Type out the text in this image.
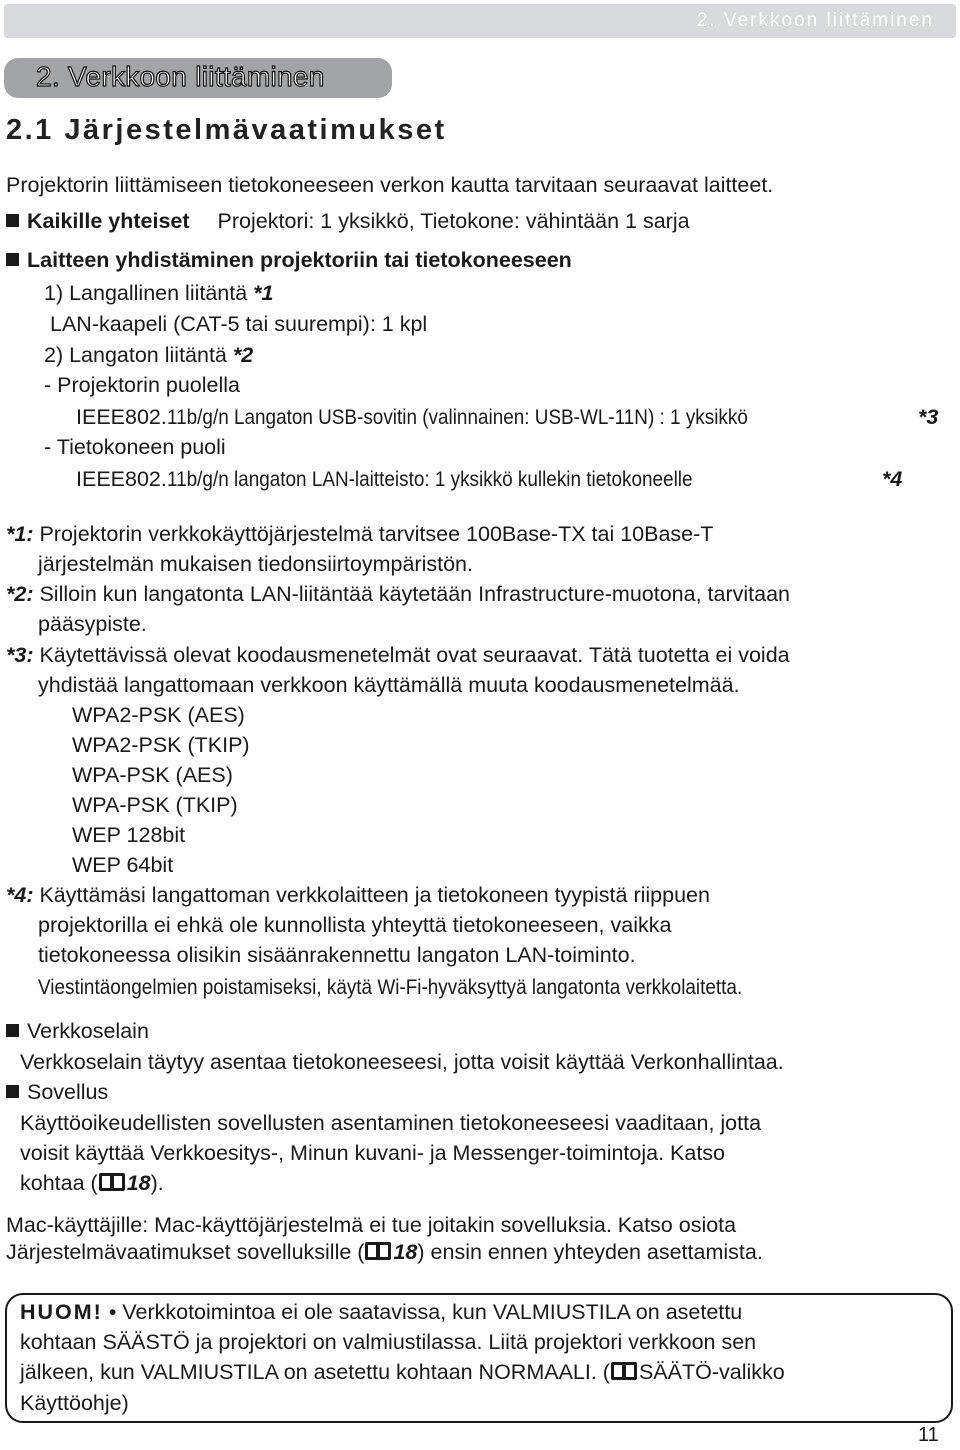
2. Verkkoon liittäminen
2. Verkkoon liittäminen
2.1 Järjestelmävaatimukset
Projektorin liittämiseen tietokoneeseen verkon kautta tarvitaan seuraavat laitteet.
Kaikille yhteiset Projektori: 1 yksikkö, Tietokone: vähintään 1 sarja
Laitteen yhdistäminen projektoriin tai tietokoneeseen
1) Langallinen liitäntä *1
LAN-kaapeli (CAT-5 tai suurempi): 1 kpl
2) Langaton liitäntä *2
- Projektorin puolella
IEEE802.11b/g/n Langaton USB-sovitin (valinnainen: USB-WL-11N) : 1 yksikkö	*3
- Tietokoneen puoli
IEEE802.11b/g/n langaton LAN-laitteisto: 1 yksikkö kullekin tietokoneelle	*4
*1: Projektorin verkkokäyttöjärjestelmä tarvitsee 100Base-TX tai 10Base-T
järjestelmän mukaisen tiedonsiirtoympäristön.
*2: Silloin kun langatonta LAN-liitäntää käytetään Infrastructure-muotona, tarvitaan
pääsypiste.
*3: Käytettävissä olevat koodausmenetelmät ovat seuraavat. Tätä tuotetta ei voida
yhdistää langattomaan verkkoon käyttämällä muuta koodausmenetelmää.
WPA2-PSK (AES)
WPA2-PSK (TKIP)
WPA-PSK (AES)
WPA-PSK (TKIP)
WEP 128bit
WEP 64bit
*4: Käyttämäsi langattoman verkkolaitteen ja tietokoneen tyypistä riippuen
projektorilla ei ehkä ole kunnollista yhteyttä tietokoneeseen, vaikka
tietokoneessa olisikin sisäänrakennettu langaton LAN-toiminto.
Viestintäongelmien poistamiseksi, käytä Wi-Fi-hyväksyttyä langatonta verkkolaitetta.
Verkkoselain
Verkkoselain täytyy asentaa tietokoneeseesi, jotta voisit käyttää Verkonhallintaa.
Sovellus
Käyttöoikeudellisten sovellusten asentaminen tietokoneeseesi vaaditaan, jotta
voisit käyttää Verkkoesitys-, Minun kuvani- ja Messenger-toimintoja. Katso
kohtaa ( 18).
Mac-käyttäjille: Mac-käyttöjärjestelmä ei tue joitakin sovelluksia. Katso osiota
Järjestelmävaatimukset sovelluksille ( 18) ensin ennen yhteyden asettamista.
HUOM! • Verkkotoimintoa ei ole saatavissa, kun VALMIUSTILA on asetettu
kohtaan SÄÄSTÖ ja projektori on valmiustilassa. Liitä projektori verkkoon sen
jälkeen, kun VALMIUSTILA on asetettu kohtaan NORMAALI. ( SÄÄTÖ-valikko
Käyttöohje)
11
